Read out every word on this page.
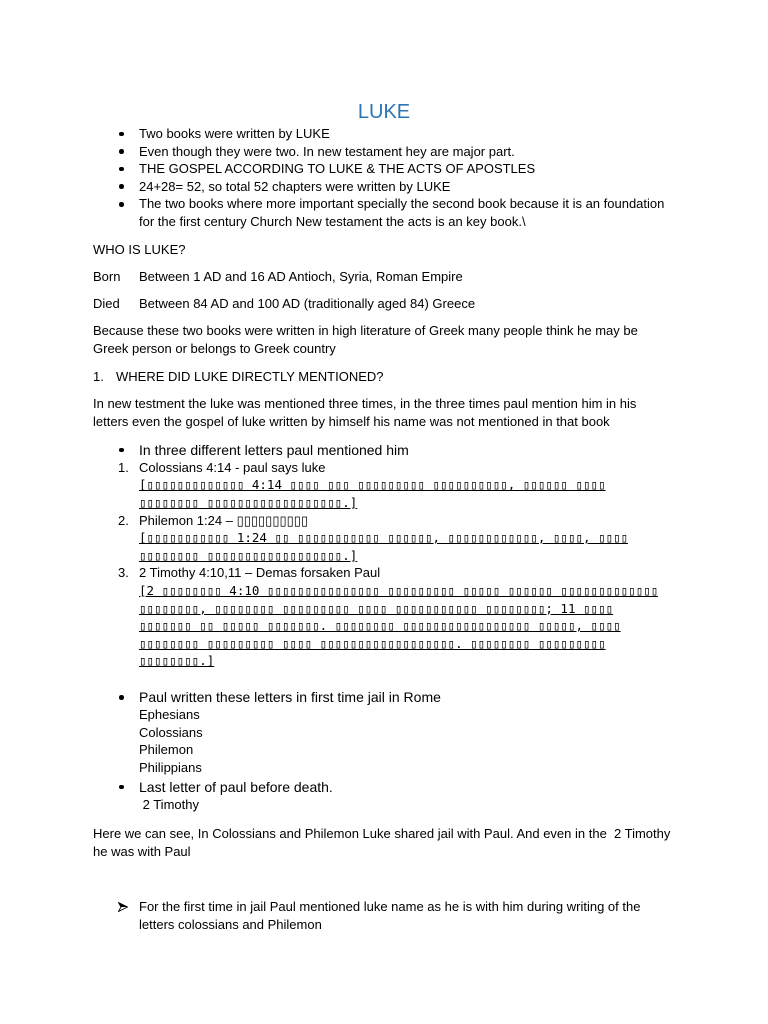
LUKE
Two books were written by LUKE
Even though they were two. In new testament hey are major part.
THE GOSPEL ACCORDING TO LUKE & THE ACTS OF APOSTLES
24+28= 52, so total 52 chapters were written by LUKE
The two books where more important specially the second book because it is an foundation for the first century Church New testament the acts is an key book.\
WHO IS LUKE?
Born	Between 1 AD and 16 AD Antioch, Syria, Roman Empire
Died	Between 84 AD and 100 AD (traditionally aged 84) Greece
Because these two books were written in high literature of Greek many people think he may be Greek person or belongs to Greek country
1. WHERE DID LUKE DIRECTLY MENTIONED?
In new testment the luke was mentioned three times, in the three times paul mention him in his letters even the gospel of luke written by himself his name was not mentioned in that book
In three different letters paul mentioned him
1. Colossians 4:14 - paul says luke
[▯▯▯▯▯▯▯▯▯▯▯▯▯ 4:14 ▯▯▯▯ ▯▯▯ ▯▯▯▯▯▯▯▯▯ ▯▯▯▯▯▯▯▯▯▯, ▯▯▯▯▯▯ ▯▯▯▯
▯▯▯▯▯▯▯▯ ▯▯▯▯▯▯▯▯▯▯▯▯▯▯▯▯▯▯.]
2. Philemon 1:24 – ▯▯▯▯▯▯▯▯▯▯
[▯▯▯▯▯▯▯▯▯▯▯ 1:24 ▯▯ ▯▯▯▯▯▯▯▯▯▯▯ ▯▯▯▯▯▯, ▯▯▯▯▯▯▯▯▯▯▯▯, ▯▯▯▯, ▯▯▯▯
▯▯▯▯▯▯▯▯ ▯▯▯▯▯▯▯▯▯▯▯▯▯▯▯▯▯▯.]
3. 2 Timothy 4:10,11 – Demas forsaken Paul
[2 ▯▯▯▯▯▯▯▯ 4:10 ▯▯▯▯▯▯▯▯▯▯▯▯▯▯▯ ▯▯▯▯▯▯▯▯▯ ▯▯▯▯▯ ▯▯▯▯▯▯ ▯▯▯▯▯▯▯▯▯▯▯▯▯
▯▯▯▯▯▯▯▯, ▯▯▯▯▯▯▯▯ ▯▯▯▯▯▯▯▯▯ ▯▯▯▯ ▯▯▯▯▯▯▯▯▯▯▯ ▯▯▯▯▯▯▯▯; 11 ▯▯▯▯
▯▯▯▯▯▯▯ ▯▯ ▯▯▯▯▯ ▯▯▯▯▯▯▯. ▯▯▯▯▯▯▯▯ ▯▯▯▯▯▯▯▯▯▯▯▯▯▯▯▯▯ ▯▯▯▯▯, ▯▯▯▯
▯▯▯▯▯▯▯▯ ▯▯▯▯▯▯▯▯▯ ▯▯▯▯ ▯▯▯▯▯▯▯▯▯▯▯▯▯▯▯▯▯▯. ▯▯▯▯▯▯▯▯ ▯▯▯▯▯▯▯▯▯
▯▯▯▯▯▯▯▯.]
Paul written these letters in first time jail in Rome
Ephesians
Colossians
Philemon
Philippians
Last letter of paul before death.
2 Timothy
Here we can see, In Colossians and Philemon Luke shared jail with Paul. And even in the  2 Timothy he was with Paul
For the first time in jail Paul mentioned luke name as he is with him during writing of the letters colossians and Philemon
